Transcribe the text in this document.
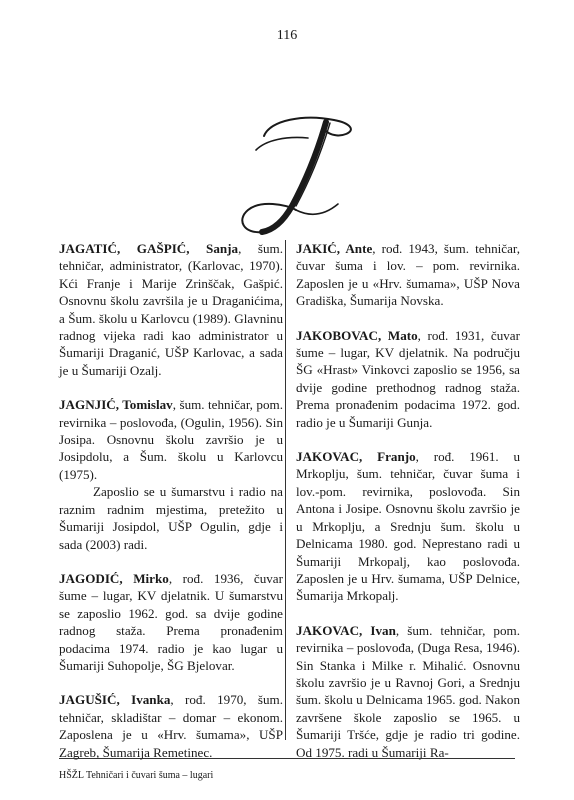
116

JAGATIĆ, GAŠPIĆ, Sanja, šum. tehničar, administrator, (Karlovac, 1970). Kći Franje i Marije Zrinščak, Gašpić. Osnovnu školu završila je u Draganićima, a Šum. školu u Karlovcu (1989). Glavninu radnog vijeka radi kao administrator u Šumariji Draganić, UŠP Karlovac, a sada je u Šumariji Ozalj.

JAGNJIĆ, Tomislav, šum. tehničar, pom. revirnika – poslovođa, (Ogulin, 1956). Sin Josipa. Osnovnu školu završio je u Josipdolu, a Šum. školu u Karlovcu (1975).

Zaposlio se u šumarstvu i radio na raznim radnim mjestima, pretežito u Šumariji Josipdol, UŠP Ogulin, gdje i sada (2003) radi.

JAGODIĆ, Mirko, rođ. 1936, čuvar šume – lugar, KV djelatnik. U šumarstvu se zaposlio 1962. god. sa dvije godine radnog staža. Prema pronađenim podacima 1974. radio je kao lugar u Šumariji Suhopolje, ŠG Bjelovar.

JAGUŠIĆ, Ivanka, rođ. 1970, šum. tehničar, skladištar – domar – ekonom. Zaposlena je u «Hrv. šumama», UŠP Zagreb, Šumarija Remetinec.

JAKIĆ, Ante, rođ. 1943, šum. tehničar, čuvar šuma i lov. – pom. revirnika. Zaposlen je u «Hrv. šumama», UŠP Nova Gradiška, Šumarija Novska.

JAKOBOVAC, Mato, rođ. 1931, čuvar šume – lugar, KV djelatnik. Na području ŠG «Hrast» Vinkovci zaposlio se 1956, sa dvije godine prethodnog radnog staža. Prema pronađenim podacima 1972. god. radio je u Šumariji Gunja.

JAKOVAC, Franjo, rođ. 1961. u Mrkoplju, šum. tehničar, čuvar šuma i lov.-pom. revirnika, poslovođa. Sin Antona i Josipe. Osnovnu školu završio je u Mrkoplju, a Srednju šum. školu u Delnicama 1980. god. Neprestano radi u Šumariji Mrkopalj, kao poslovođa. Zaposlen je u Hrv. šumama, UŠP Delnice, Šumarija Mrkopalj.

JAKOVAC, Ivan, šum. tehničar, pom. revirnika – poslovođa, (Duga Resa, 1946). Sin Stanka i Milke r. Mihalić. Osnovnu školu završio je u Ravnoj Gori, a Srednju šum. školu u Delnicama 1965. god. Nakon završene škole zaposlio se 1965. u Šumariji Tršće, gdje je radio tri godine. Od 1975. radi u Šumariji Ra-

HŠŽL Tehničari i čuvari šuma – lugari
